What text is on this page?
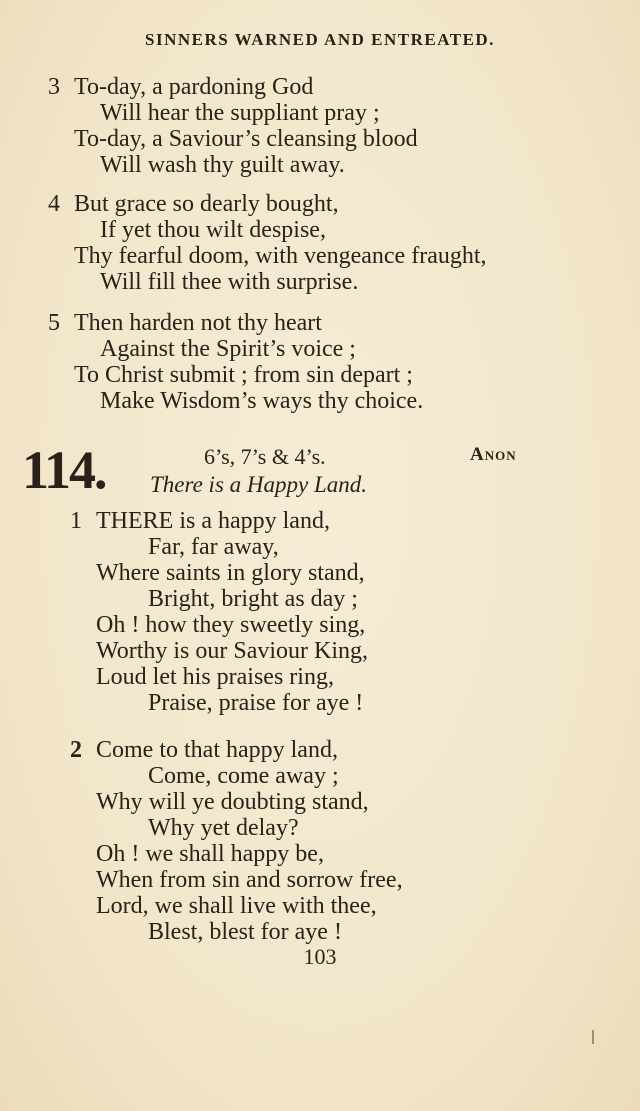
SINNERS WARNED AND ENTREATED.
3 To-day, a pardoning God
Will hear the suppliant pray ;
To-day, a Saviour’s cleansing blood
Will wash thy guilt away.
4 But grace so dearly bought,
If yet thou wilt despise,
Thy fearful doom, with vengeance fraught,
Will fill thee with surprise.
5 Then harden not thy heart
Against the Spirit’s voice ;
To Christ submit ; from sin depart ;
Make Wisdom’s ways thy choice.
114.	6’s, 7’s & 4’s.	Anon
There is a Happy Land.
1 THERE is a happy land,
Far, far away,
Where saints in glory stand,
Bright, bright as day ;
Oh ! how they sweetly sing,
Worthy is our Saviour King,
Loud let his praises ring,
Praise, praise for aye !
2 Come to that happy land,
Come, come away ;
Why will ye doubting stand,
Why yet delay?
Oh ! we shall happy be,
When from sin and sorrow free,
Lord, we shall live with thee,
Blest, blest for aye !
103
